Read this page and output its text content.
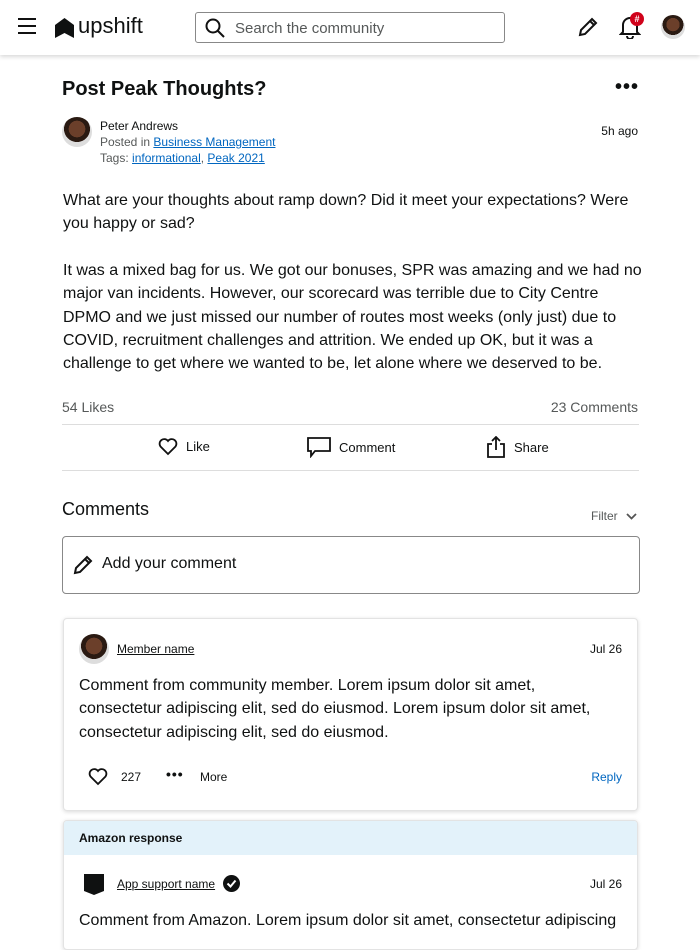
upshift	Search the community
#
Post Peak Thoughts?	•••
Peter Andrews
Posted in Business Management
Tags: informational, Peak 2021
5h ago

What are your thoughts about ramp down? Did it meet your expectations? Were you happy or sad?

It was a mixed bag for us. We got our bonuses, SPR was amazing and we had no major van incidents. However, our scorecard was terrible due to City Centre DPMO and we just missed our number of routes most weeks (only just) due to COVID, recruitment challenges and attrition. We ended up OK, but it was a challenge to get where we wanted to be, let alone where we deserved to be.

54 Likes	23 Comments
Like	Comment	Share
Comments	Filter
Add your comment
Member name	Jul 26

Comment from community member. Lorem ipsum dolor sit amet, consectetur adipiscing elit, sed do eiusmod. Lorem ipsum dolor sit amet, consectetur adipiscing elit, sed do eiusmod.

227 ••• More	Reply
Amazon response
App support name	Jul 26

Comment from Amazon. Lorem ipsum dolor sit amet, consectetur adipiscing
